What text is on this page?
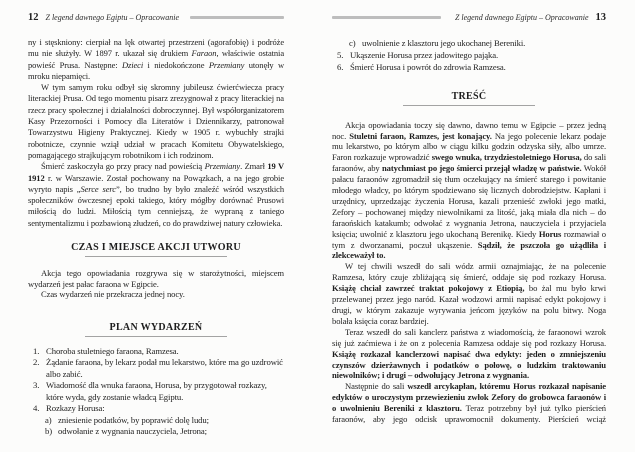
12 Z legend dawnego Egiptu – Opracowanie

ny i stęskniony: cierpiał na lęk otwartej przestrzeni (agorafobię) i podróże mu nie służyły. W 1897 r. ukazał się drukiem Faraon, właściwie ostatnia powieść Prusa. Następne: Dzieci i niedokończone Przemiany utonęły w mroku niepamięci.

W tym samym roku odbył się skromny jubileusz ćwierćwiecza pracy literackiej Prusa. Od tego momentu pisarz zrezygnował z pracy literackiej na rzecz pracy społecznej i działalności dobroczynnej. Był współorganizatorem Kasy Przezorności i Pomocy dla Literatów i Dziennikarzy, patronował Towarzystwu Higieny Praktycznej. Kiedy w 1905 r. wybuchły strajki robotnicze, czynnie wziął udział w pracach Komitetu Obywatelskiego, pomagającego strajkującym robotnikom i ich rodzinom.

Śmierć zaskoczyła go przy pracy nad powieścią Przemiany. Zmarł 19 V 1912 r. w Warszawie. Został pochowany na Powązkach, a na jego grobie wyryto napis „Serce serc”, bo trudno by było znaleźć wśród wszystkich społeczników ówczesnej epoki takiego, który mógłby dorównać Prusowi miłością do ludzi. Miłością tym cenniejszą, że wypraną z taniego sentymentalizmu i pozbawioną złudzeń, co do prawdziwej natury człowieka.

CZAS I MIEJSCE AKCJI UTWORU

Akcja tego opowiadania rozgrywa się w starożytności, miejscem wydarzeń jest pałac faraona w Egipcie.

Czas wydarzeń nie przekracza jednej nocy.

PLAN WYDARZEŃ
1. Choroba stuletniego faraona, Ramzesa.
2. Żądanie faraona, by lekarz podał mu lekarstwo, które ma go uzdrowić albo zabić.
3. Wiadomość dla wnuka faraona, Horusa, by przygotował rozkazy, które wyda, gdy zostanie władcą Egiptu.
4. Rozkazy Horusa:
a) zniesienie podatków, by poprawić dolę ludu;
b) odwołanie z wygnania nauczyciela, Jetrona;
Z legend dawnego Egiptu – Opracowanie 13
c) uwolnienie z klasztoru jego ukochanej Bereniki.
5. Ukąszenie Horusa przez jadowitego pająka.
6. Śmierć Horusa i powrót do zdrowia Ramzesa.
TREŚĆ

Akcja opowiadania toczy się dawno, dawno temu w Egipcie – przez jedną noc. Stuletni faraon, Ramzes, jest konający. Na jego polecenie lekarz podaje mu lekarstwo, po którym albo w ciągu kilku godzin odzyska siły, albo umrze. Faron rozkazuje wprowadzić swego wnuka, trzydziestoletniego Horusa, do sali faraonów, aby natychmiast po jego śmierci przejął władzę w państwie. Wokół pałacu faraonów zgromadził się tłum oczekujący na śmierć starego i powitanie młodego władcy, po którym spodziewano się licznych dobrodziejstw. Kapłani i urzędnicy, uprzedzając życzenia Horusa, kazali przenieść zwłoki jego matki, Zefory – pochowanej między niewolnikami za litość, jaką miała dla nich – do faraońskich katakumb; odwołać z wygnania Jetrona, nauczyciela i przyjaciela księcia; uwolnić z klasztoru jego ukochaną Berenikę. Kiedy Horus rozmawiał o tym z dworzanami, poczuł ukąszenie. Sądził, że pszczoła go użądliła i zlekceważył to.

W tej chwili wszedł do sali wódz armii oznajmiając, że na polecenie Ramzesa, który czuje zbliżającą się śmierć, oddaje się pod rozkazy Horusa. Książę chciał zawrzeć traktat pokojowy z Etiopią, bo żal mu było krwi przelewanej przez jego naród. Kazał wodzowi armii napisać edykt pokojowy i drugi, w którym zakazuje wyrywania jeńcom języków na polu bitwy. Noga bolała księcia coraz bardziej.

Teraz wszedł do sali kanclerz państwa z wiadomością, że faraonowi wzrok się już zaćmiewa i że on z polecenia Ramzesa oddaje się pod rozkazy Horusa. Książę rozkazał kanclerzowi napisać dwa edykty: jeden o zmniejszeniu czynszów dzierżawnych i podatków o połowę, o ludzkim traktowaniu niewolników; i drugi – odwołujący Jetrona z wygnania.

Następnie do sali wszedł arcykapłan, któremu Horus rozkazał napisanie edyktów o uroczystym przewiezieniu zwłok Zefory do grobowca faraonów i o uwolnieniu Bereniki z klasztoru. Teraz potrzebny był już tylko pierścień faraonów, aby jego odcisk uprawomocnił dokumenty. Pierścień wciąż
